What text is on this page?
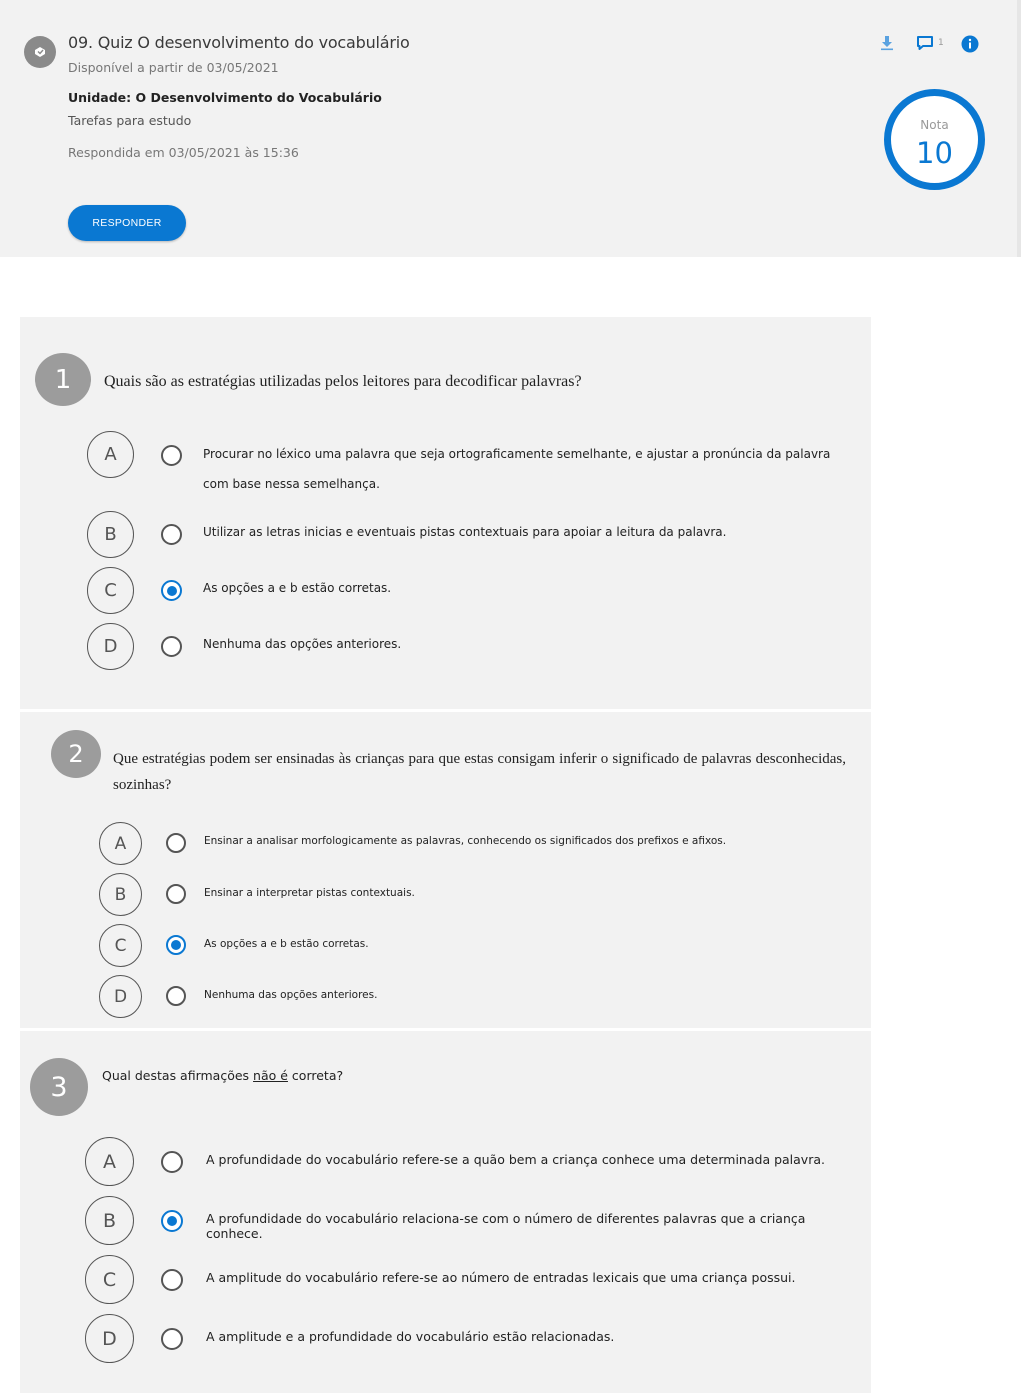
09. Quiz O desenvolvimento do vocabulário
Disponível a partir de 03/05/2021
Unidade: O Desenvolvimento do Vocabulário
Tarefas para estudo
Respondida em 03/05/2021 às 15:36
RESPONDER
1
Nota
10
1	Quais são as estratégias utilizadas pelos leitores para decodificar palavras?
A	Procurar no léxico uma palavra que seja ortograficamente semelhante, e ajustar a pronúncia da palavra com base nessa semelhança.
B	Utilizar as letras inicias e eventuais pistas contextuais para apoiar a leitura da palavra.
C	As opções a e b estão corretas.
D	Nenhuma das opções anteriores.
2	Que estratégias podem ser ensinadas às crianças para que estas consigam inferir o significado de palavras desconhecidas, sozinhas?
A	Ensinar a analisar morfologicamente as palavras, conhecendo os significados dos prefixos e afixos.
B	Ensinar a interpretar pistas contextuais.
C	As opções a e b estão corretas.
D	Nenhuma das opções anteriores.
3	Qual destas afirmações não é correta?
A	A profundidade do vocabulário refere-se a quão bem a criança conhece uma determinada palavra.
B	A profundidade do vocabulário relaciona-se com o número de diferentes palavras que a criança conhece.
C	A amplitude do vocabulário refere-se ao número de entradas lexicais que uma criança possui.
D	A amplitude e a profundidade do vocabulário estão relacionadas.
